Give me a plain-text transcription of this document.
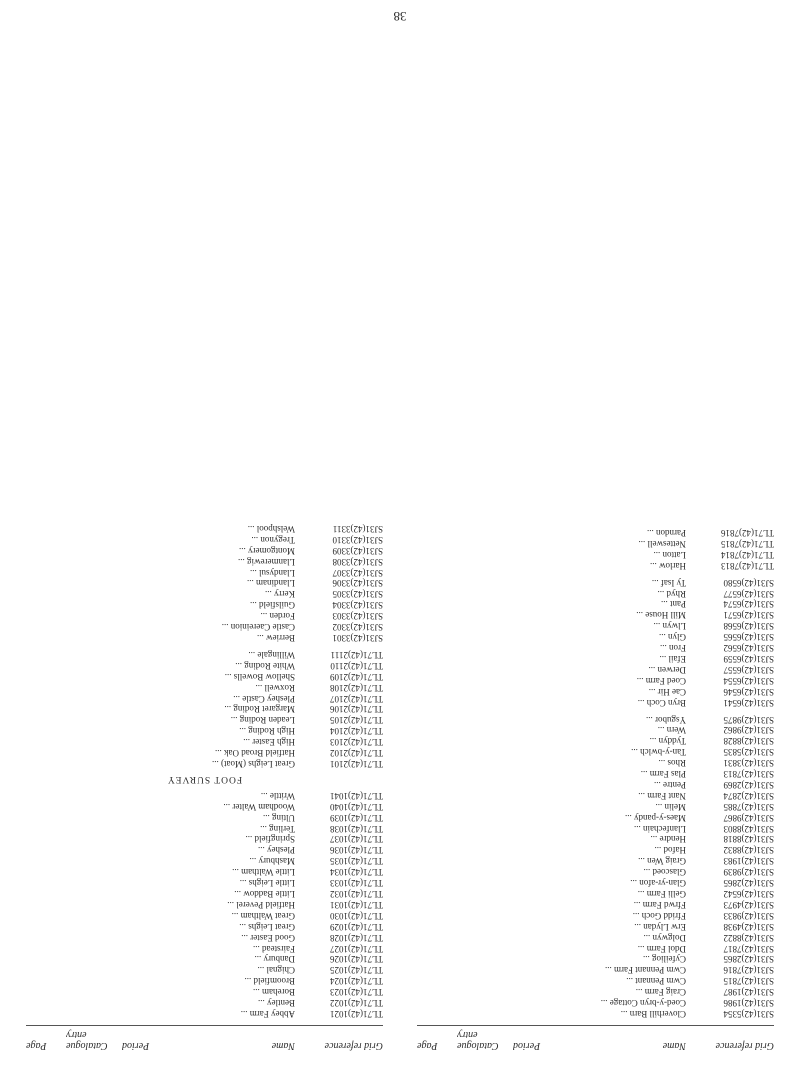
Grid reference
Name
Period
Catalogue entry
Page
SJ31(42)5354
Cloverhill Barn ...
SJ31(42)1986
Coed-y-bryn Cottage ...
SJ31(42)1987
Craig Farm ...
SJ31(42)7815
Cwm Pennant ...
SJ31(42)7816
Cwm Pennant Farm ...
SJ31(42)2865
Cyfeiliog ...
SJ31(42)7817
Ddol Farm ...
SJ31(42)8822
Dolgwyn ...
SJ31(42)4938
Erw Llydan ...
SJ31(42)9833
Ffridd Goch ...
SJ31(42)4973
Ffrwd Farm ...
SJ31(42)6542
Gelli Farm ...
SJ31(42)2865
Glan-yr-afon ...
SJ31(42)9839
Glascoed ...
SJ31(42)1983
Graig Wen ...
SJ31(42)8832
Hafod ...
SJ31(42)8818
Hendre ...
SJ31(42)8803
Llanfechain ...
SJ31(42)9867
Maes-y-pandy ...
SJ31(42)7885
Melin ...
SJ31(42)2874
Nant Farm ...
SJ31(42)2869
Pentre ...
SJ31(42)7813
Plas Farm ...
SJ31(42)3831
Rhos ...
SJ31(42)5835
Tan-y-bwlch ...
SJ31(42)8828
Tyddyn ...
SJ31(42)9862
Wern ...
SJ31(42)9875
Ysgubor ...
SJ31(42)6541
Bryn Coch ...
SJ31(42)6546
Cae Hir ...
SJ31(42)6554
Coed Farm ...
SJ31(42)6557
Derwen ...
SJ31(42)6559
Efail ...
SJ31(42)6562
Fron ...
SJ31(42)6565
Glyn ...
SJ31(42)6568
Llwyn ...
SJ31(42)6571
Mill House ...
SJ31(42)6574
Pant ...
SJ31(42)6577
Rhyd ...
SJ31(42)6580
Ty Isaf ...
TL71(42)7813
Harlow ...
TL71(42)7814
Latton ...
TL71(42)7815
Netteswell ...
TL71(42)7816
Parndon ...
Grid reference
Name
Period
Catalogue entry
Page
TL71(42)1021
Abbey Farm ...
TL71(42)1022
Bentley ...
TL71(42)1023
Boreham ...
TL71(42)1024
Broomfield ...
TL71(42)1025
Chignal ...
TL71(42)1026
Danbury ...
TL71(42)1027
Fairstead ...
TL71(42)1028
Good Easter ...
TL71(42)1029
Great Leighs ...
TL71(42)1030
Great Waltham ...
TL71(42)1031
Hatfield Peverel ...
TL71(42)1032
Little Baddow ...
TL71(42)1033
Little Leighs ...
TL71(42)1034
Little Waltham ...
TL71(42)1035
Mashbury ...
TL71(42)1036
Pleshey ...
TL71(42)1037
Springfield ...
TL71(42)1038
Terling ...
TL71(42)1039
Ulting ...
TL71(42)1040
Woodham Walter ...
TL71(42)1041
Writtle ...
FOOT SURVEY
TL71(42)2101
Great Leighs (Moat) ...
TL71(42)2102
Hatfield Broad Oak ...
TL71(42)2103
High Easter ...
TL71(42)2104
High Roding ...
TL71(42)2105
Leaden Roding ...
TL71(42)2106
Margaret Roding ...
TL71(42)2107
Pleshey Castle ...
TL71(42)2108
Roxwell ...
TL71(42)2109
Shellow Bowells ...
TL71(42)2110
White Roding ...
TL71(42)2111
Willingale ...
SJ31(42)3301
Berriew ...
SJ31(42)3302
Castle Caereinion ...
SJ31(42)3303
Forden ...
SJ31(42)3304
Guilsfield ...
SJ31(42)3305
Kerry ...
SJ31(42)3306
Llandinam ...
SJ31(42)3307
Llandysul ...
SJ31(42)3308
Llanmerewig ...
SJ31(42)3309
Montgomery ...
SJ31(42)3310
Tregynon ...
SJ31(42)3311
Welshpool ...
38
